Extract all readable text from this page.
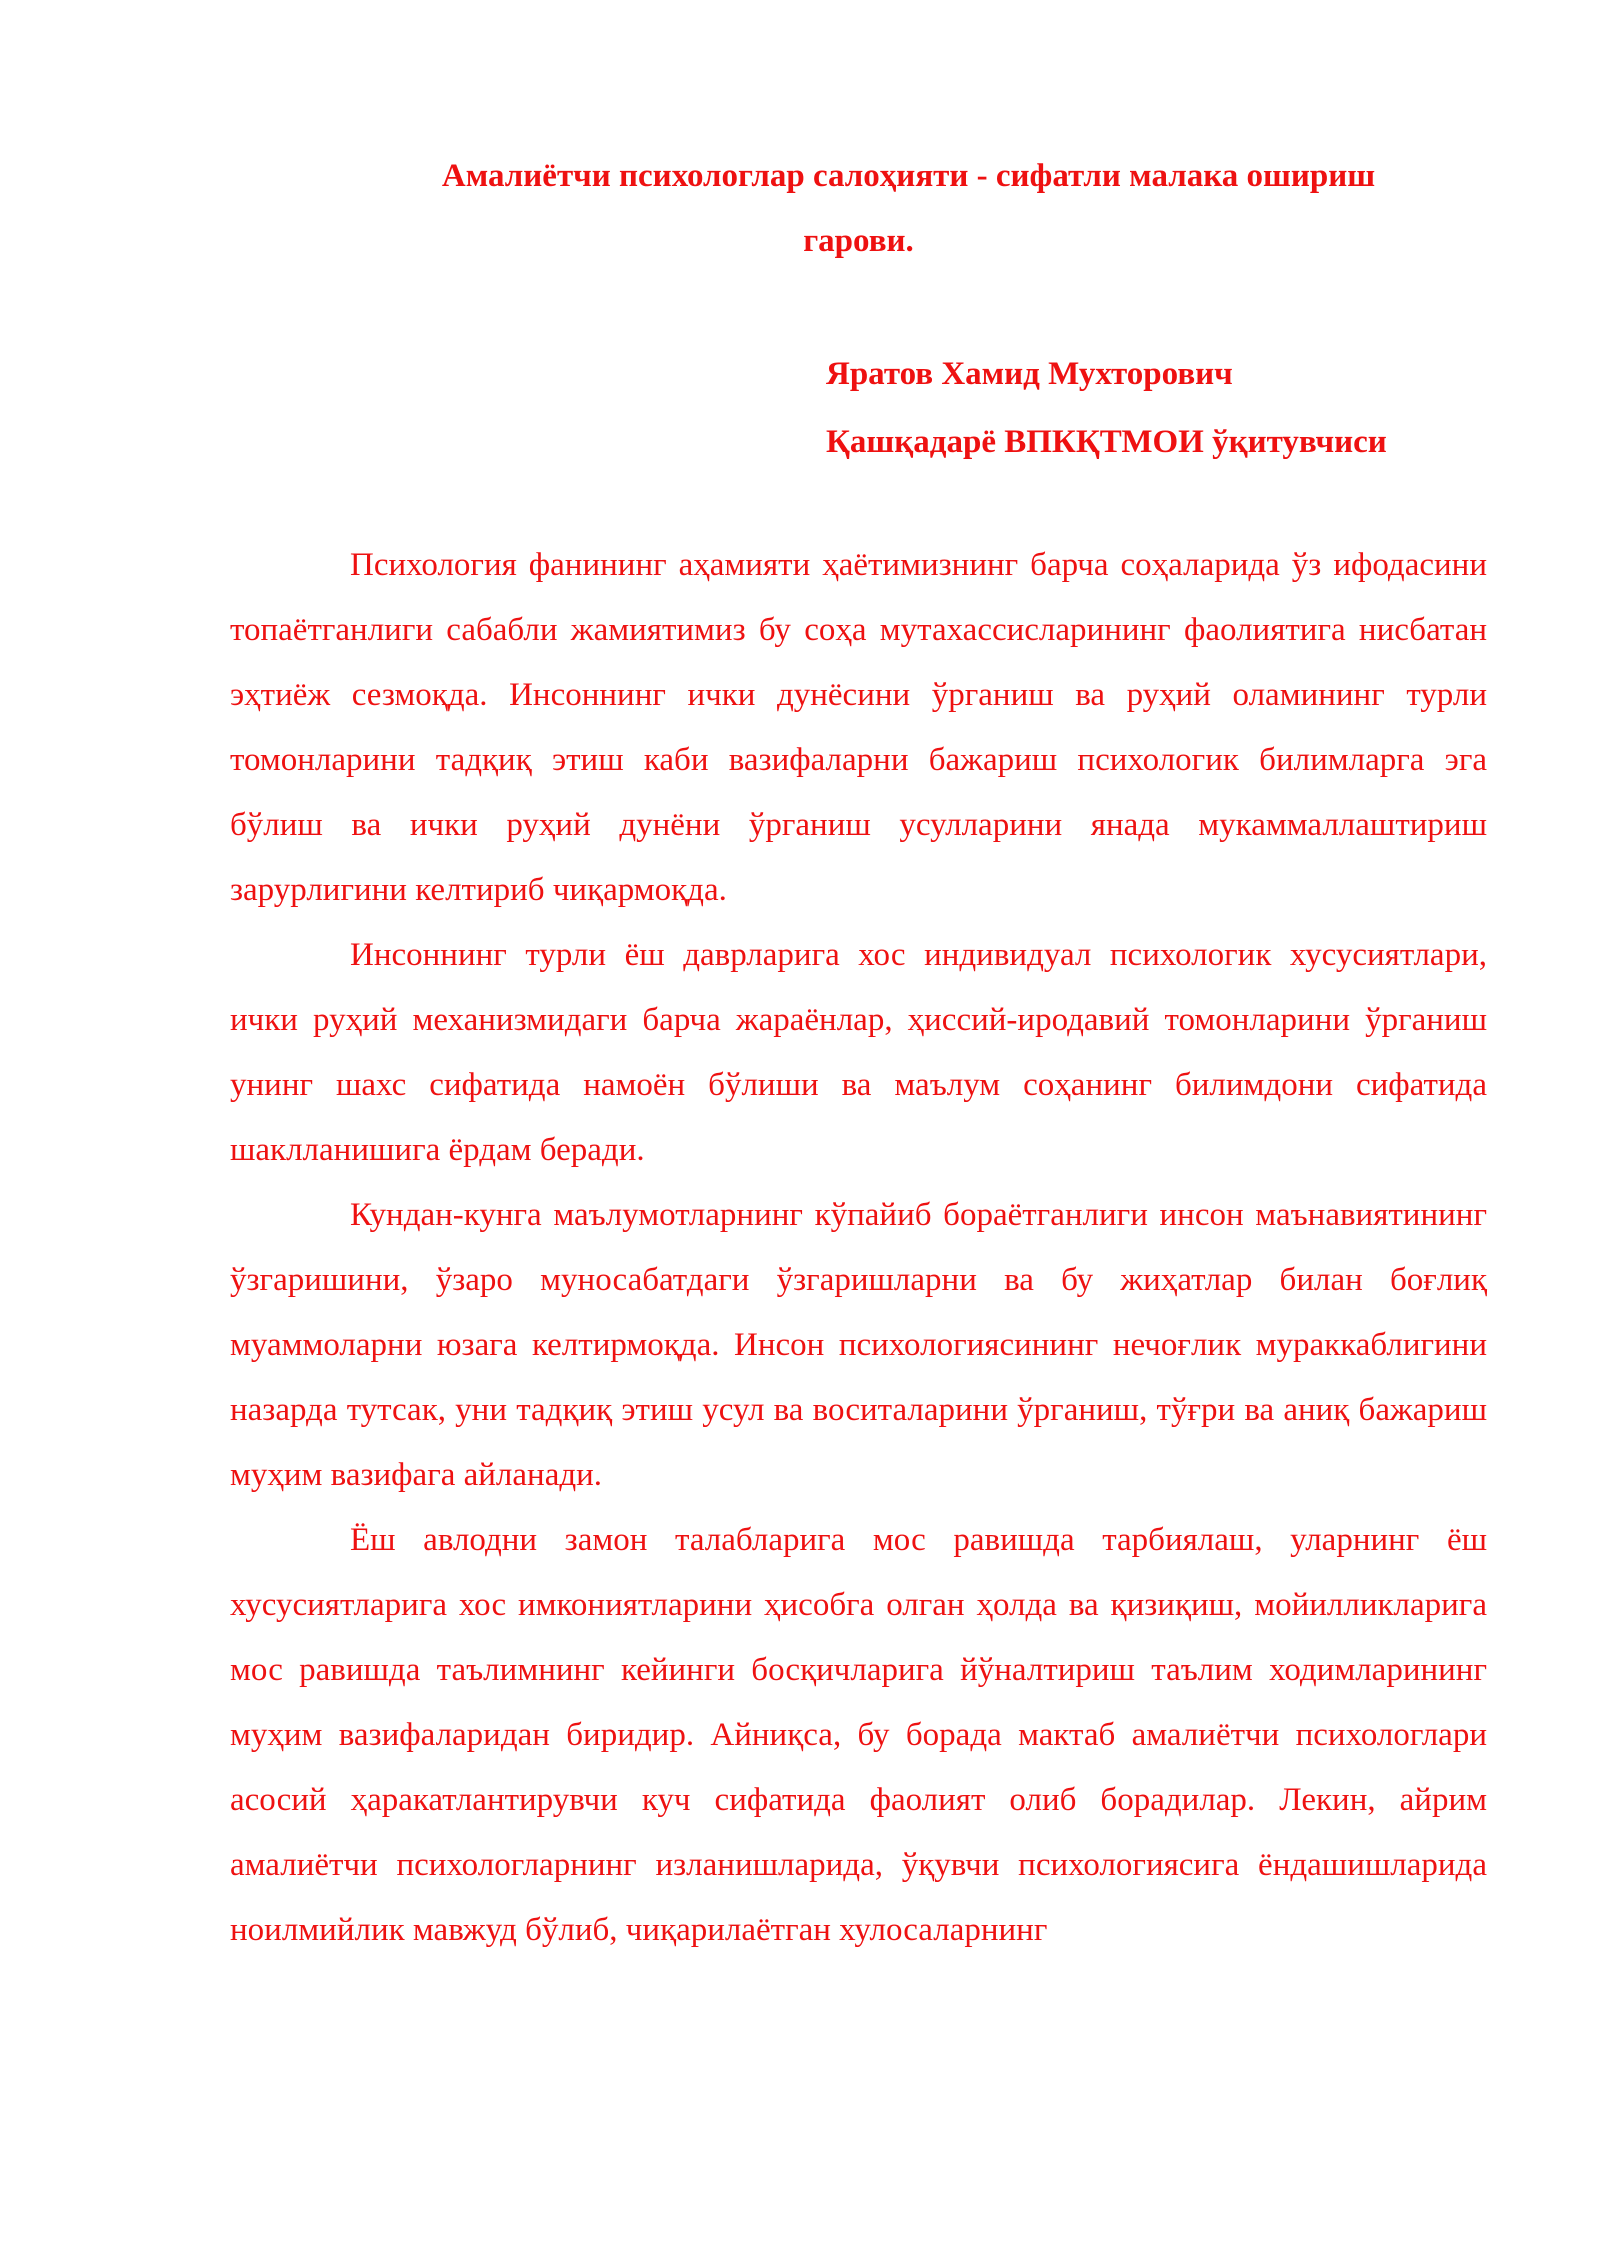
Амалиётчи психологлар салоҳияти - сифатли малака ошириш
гарови.
Яратов Хамид Мухторович
Қашқадарё ВПКҚТМОИ ўқитувчиси

Психология фанининг аҳамияти ҳаётимизнинг барча соҳаларида ўз ифодасини топаётганлиги сабабли жамиятимиз бу соҳа мутахассисларининг фаолиятига нисбатан эҳтиёж сезмоқда. Инсоннинг ички дунёсини ўрганиш ва руҳий оламининг турли томонларини тадқиқ этиш каби вазифаларни бажариш психологик билимларга эга бўлиш ва ички руҳий дунёни ўрганиш усулларини янада мукаммаллаштириш зарурлигини келтириб чиқармоқда.

Инсоннинг турли ёш даврларига хос индивидуал психологик хусусиятлари, ички руҳий механизмидаги барча жараёнлар, ҳиссий-иродавий томонларини ўрганиш унинг шахс сифатида намоён бўлиши ва маълум соҳанинг билимдони сифатида шаклланишига ёрдам беради.

Кундан-кунга маълумотларнинг кўпайиб бораётганлиги инсон маънавиятининг ўзгаришини, ўзаро муносабатдаги ўзгаришларни ва бу жиҳатлар билан боғлиқ муаммоларни юзага келтирмоқда. Инсон психологиясининг нечоғлик мураккаблигини назарда тутсак, уни тадқиқ этиш усул ва воситаларини ўрганиш, тўғри ва аниқ бажариш муҳим вазифага айланади.

Ёш авлодни замон талабларига мос равишда тарбиялаш, уларнинг ёш хусусиятларига хос имкониятларини ҳисобга олган ҳолда ва қизиқиш, мойилликларига мос равишда таълимнинг кейинги босқичларига йўналтириш таълим ходимларининг муҳим вазифаларидан биридир. Айниқса, бу борада мактаб амалиётчи психологлари асосий ҳаракатлантирувчи куч сифатида фаолият олиб борадилар. Лекин, айрим амалиётчи психологларнинг изланишларида, ўқувчи психологиясига ёндашишларида ноилмийлик мавжуд бўлиб, чиқарилаётган хулосаларнинг
